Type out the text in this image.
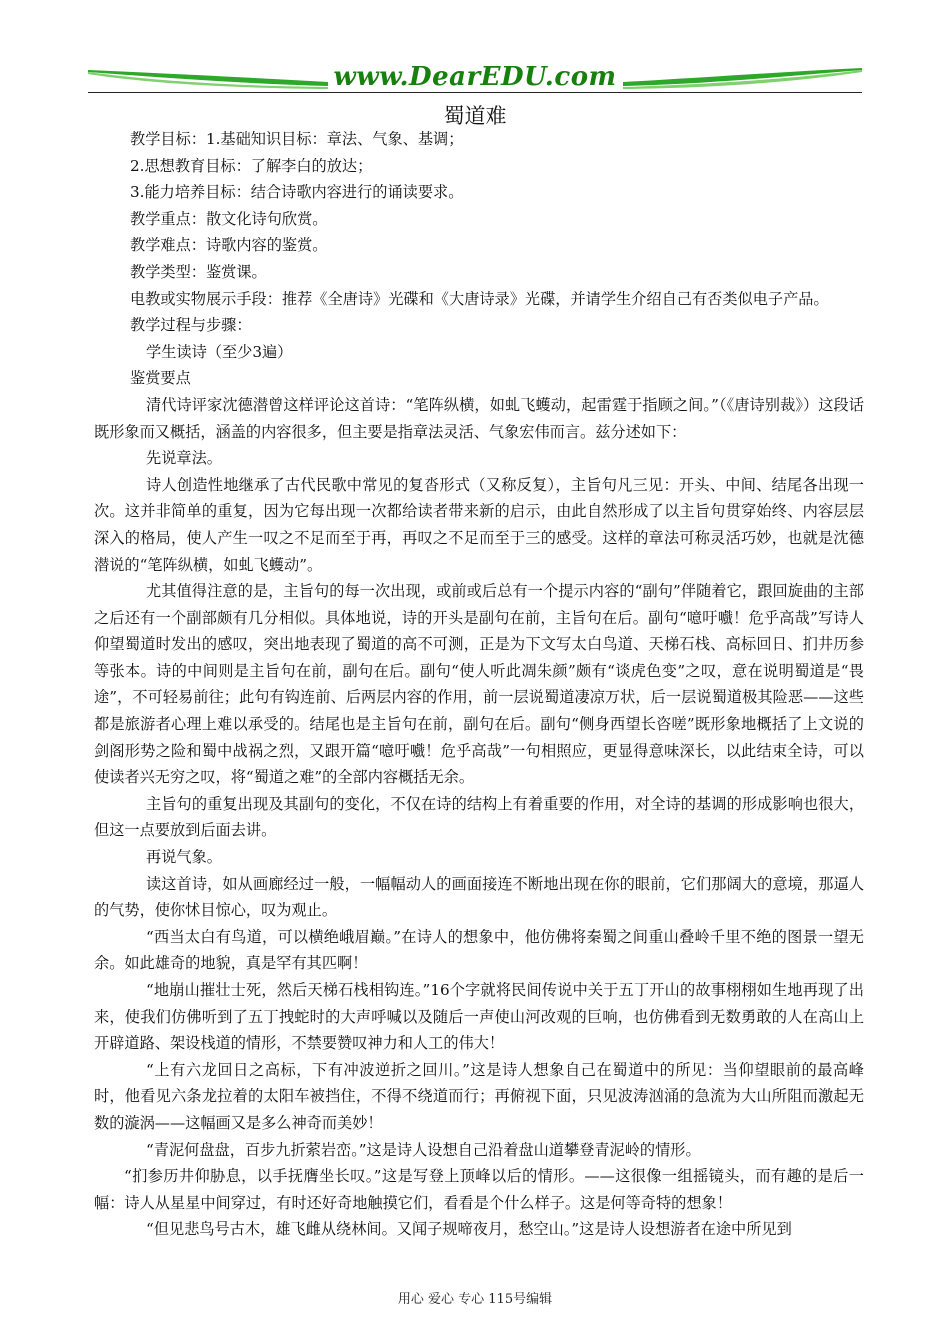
www.DearEDU.com
蜀道难

教学目标：1.基础知识目标：章法、气象、基调；

2.思想教育目标：了解李白的放达；

3.能力培养目标：结合诗歌内容进行的诵读要求。

教学重点：散文化诗句欣赏。

教学难点：诗歌内容的鉴赏。

教学类型：鉴赏课。

电教或实物展示手段：推荐《全唐诗》光碟和《大唐诗录》光碟，并请学生介绍自己有否类似电子产品。

教学过程与步骤：

学生读诗（至少3遍）

鉴赏要点

清代诗评家沈德潜曾这样评论这首诗：“笔阵纵横，如虬飞蠖动，起雷霆于指顾之间。”（《唐诗别裁》）这段话既形象而又概括，涵盖的内容很多，但主要是指章法灵活、气象宏伟而言。兹分述如下：

先说章法。

诗人创造性地继承了古代民歌中常见的复沓形式（又称反复），主旨句凡三见：开头、中间、结尾各出现一次。这并非简单的重复，因为它每出现一次都给读者带来新的启示，由此自然形成了以主旨句贯穿始终、内容层层深入的格局，使人产生一叹之不足而至于再，再叹之不足而至于三的感受。这样的章法可称灵活巧妙，也就是沈德潜说的“笔阵纵横，如虬飞蠖动”。

尤其值得注意的是，主旨句的每一次出现，或前或后总有一个提示内容的“副句”伴随着它，跟回旋曲的主部之后还有一个副部颇有几分相似。具体地说，诗的开头是副句在前，主旨句在后。副句“噫吁嚱！危乎高哉”写诗人仰望蜀道时发出的感叹，突出地表现了蜀道的高不可测，正是为下文写太白鸟道、天梯石栈、高标回日、扪井历参等张本。诗的中间则是主旨句在前，副句在后。副句“使人听此凋朱颜”颇有“谈虎色变”之叹，意在说明蜀道是“畏途”，不可轻易前往；此句有钩连前、后两层内容的作用，前一层说蜀道凄凉万状，后一层说蜀道极其险恶——这些都是旅游者心理上难以承受的。结尾也是主旨句在前，副句在后。副句“侧身西望长咨嗟”既形象地概括了上文说的剑阁形势之险和蜀中战祸之烈，又跟开篇“噫吁嚱！危乎高哉”一句相照应，更显得意味深长，以此结束全诗，可以使读者兴无穷之叹，将“蜀道之难”的全部内容概括无余。

主旨句的重复出现及其副句的变化，不仅在诗的结构上有着重要的作用，对全诗的基调的形成影响也很大，但这一点要放到后面去讲。

再说气象。

读这首诗，如从画廊经过一般，一幅幅动人的画面接连不断地出现在你的眼前，它们那阔大的意境，那逼人的气势，使你怵目惊心，叹为观止。

“西当太白有鸟道，可以横绝峨眉巅。”在诗人的想象中，他仿佛将秦蜀之间重山叠岭千里不绝的图景一望无余。如此雄奇的地貌，真是罕有其匹啊！

“地崩山摧壮士死，然后天梯石栈相钩连。”16个字就将民间传说中关于五丁开山的故事栩栩如生地再现了出来，使我们仿佛听到了五丁拽蛇时的大声呼喊以及随后一声使山河改观的巨响，也仿佛看到无数勇敢的人在高山上开辟道路、架设栈道的情形，不禁要赞叹神力和人工的伟大！

“上有六龙回日之高标，下有冲波逆折之回川。”这是诗人想象自己在蜀道中的所见：当仰望眼前的最高峰时，他看见六条龙拉着的太阳车被挡住，不得不绕道而行；再俯视下面，只见波涛汹涌的急流为大山所阻而激起无数的漩涡——这幅画又是多么神奇而美妙！

“青泥何盘盘，百步九折萦岩峦。”这是诗人设想自己沿着盘山道攀登青泥岭的情形。

“扪参历井仰胁息，以手抚膺坐长叹。”这是写登上顶峰以后的情形。——这很像一组摇镜头，而有趣的是后一幅：诗人从星星中间穿过，有时还好奇地触摸它们，看看是个什么样子。这是何等奇特的想象！

“但见悲鸟号古木，雄飞雌从绕林间。又闻子规啼夜月，愁空山。”这是诗人设想游者在途中所见到

用心 爱心 专心 115号编辑
